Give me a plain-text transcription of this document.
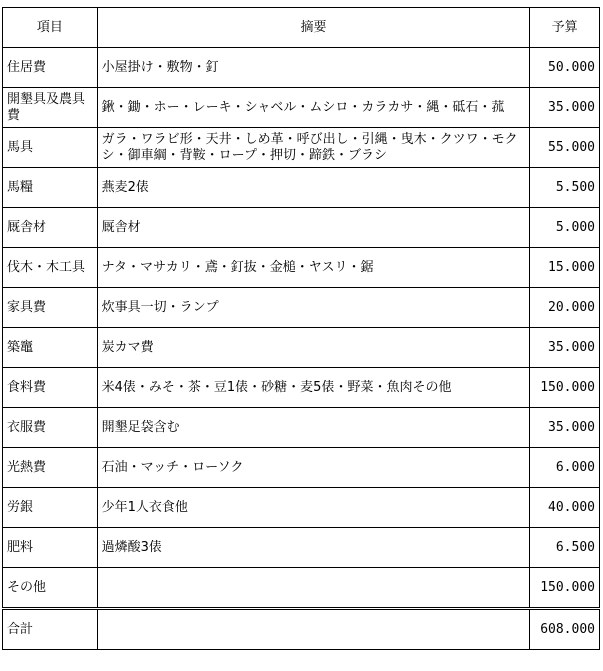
項目	摘要	予算
住居費	小屋掛け・敷物・釘	50.000
開墾具及農具費	鍬・鋤・ホー・レーキ・シャベル・ムシロ・カラカサ・縄・砥石・菰	35.000
馬具	ガラ・ワラビ形・天井・しめ革・呼び出し・引縄・曳木・クツワ・モクシ・御車綱・背鞍・ロープ・押切・蹄鉄・ブラシ	55.000
馬糧	燕麦2俵	5.500
厩舎材	厩舎材	5.000
伐木・木工具	ナタ・マサカリ・鳶・釘抜・金槌・ヤスリ・鋸	15.000
家具費	炊事具一切・ランプ	20.000
築竈	炭カマ費	35.000
食料費	米4俵・みそ・茶・豆1俵・砂糖・麦5俵・野菜・魚肉その他	150.000
衣服費	開墾足袋含む	35.000
光熱費	石油・マッチ・ローソク	6.000
労銀	少年1人衣食他	40.000
肥料	過燐酸3俵	6.500
その他		150.000
合計		608.000
